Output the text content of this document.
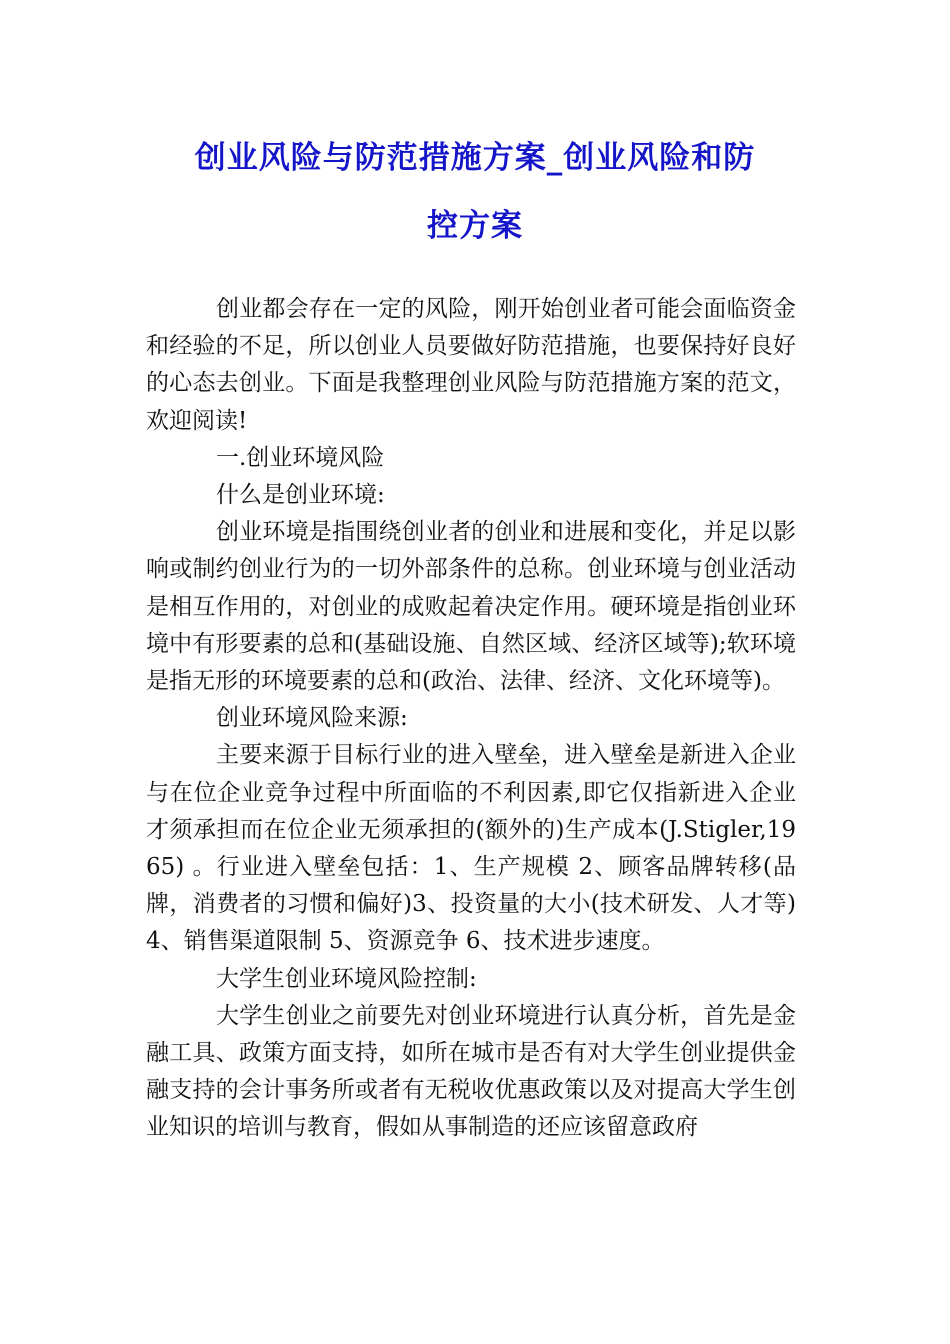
创业风险与防范措施方案_创业风险和防
控方案

创业都会存在一定的风险，刚开始创业者可能会面临资金和经验的不足，所以创业人员要做好防范措施，也要保持好良好的心态去创业。下面是我整理创业风险与防范措施方案的范文，欢迎阅读!

一.创业环境风险

什么是创业环境:

创业环境是指围绕创业者的创业和进展和变化，并足以影响或制约创业行为的一切外部条件的总称。创业环境与创业活动是相互作用的，对创业的成败起着决定作用。硬环境是指创业环境中有形要素的总和(基础设施、自然区域、经济区域等);软环境是指无形的环境要素的总和(政治、法律、经济、文化环境等)。

创业环境风险来源:

主要来源于目标行业的进入壁垒，进入壁垒是新进入企业与在位企业竞争过程中所面临的不利因素,即它仅指新进入企业才须承担而在位企业无须承担的(额外的)生产成本(J.Stigler,1965) 。行业进入壁垒包括：1、生产规模 2、顾客品牌转移(品牌，消费者的习惯和偏好)3、投资量的大小(技术研发、人才等)4、销售渠道限制 5、资源竞争 6、技术进步速度。

大学生创业环境风险控制:

大学生创业之前要先对创业环境进行认真分析，首先是金融工具、政策方面支持，如所在城市是否有对大学生创业提供金融支持的会计事务所或者有无税收优惠政策以及对提高大学生创业知识的培训与教育，假如从事制造的还应该留意政府
